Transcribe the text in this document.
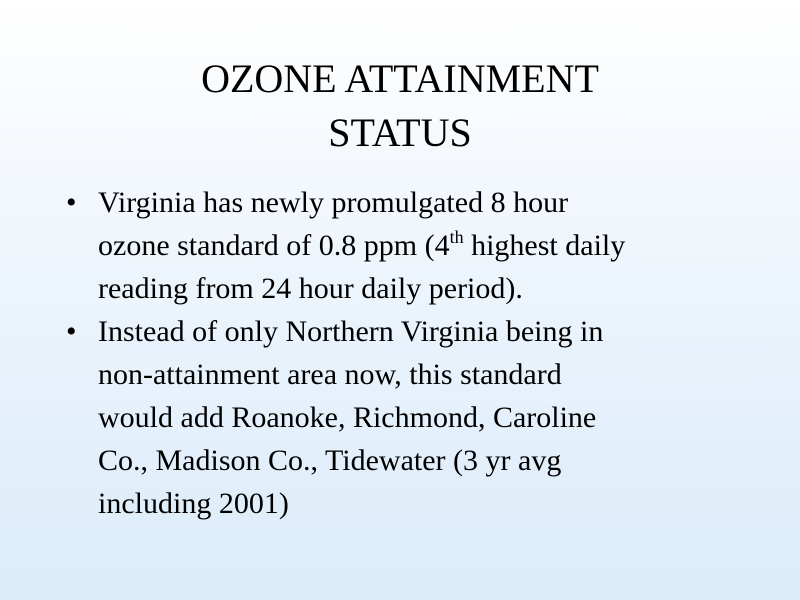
OZONE ATTAINMENT
STATUS
• Virginia has newly promulgated 8 hour
ozone standard of 0.8 ppm (4th highest daily
reading from 24 hour daily period).
• Instead of only Northern Virginia being in
non-attainment area now, this standard
would add Roanoke, Richmond, Caroline
Co., Madison Co., Tidewater (3 yr avg
including 2001)
